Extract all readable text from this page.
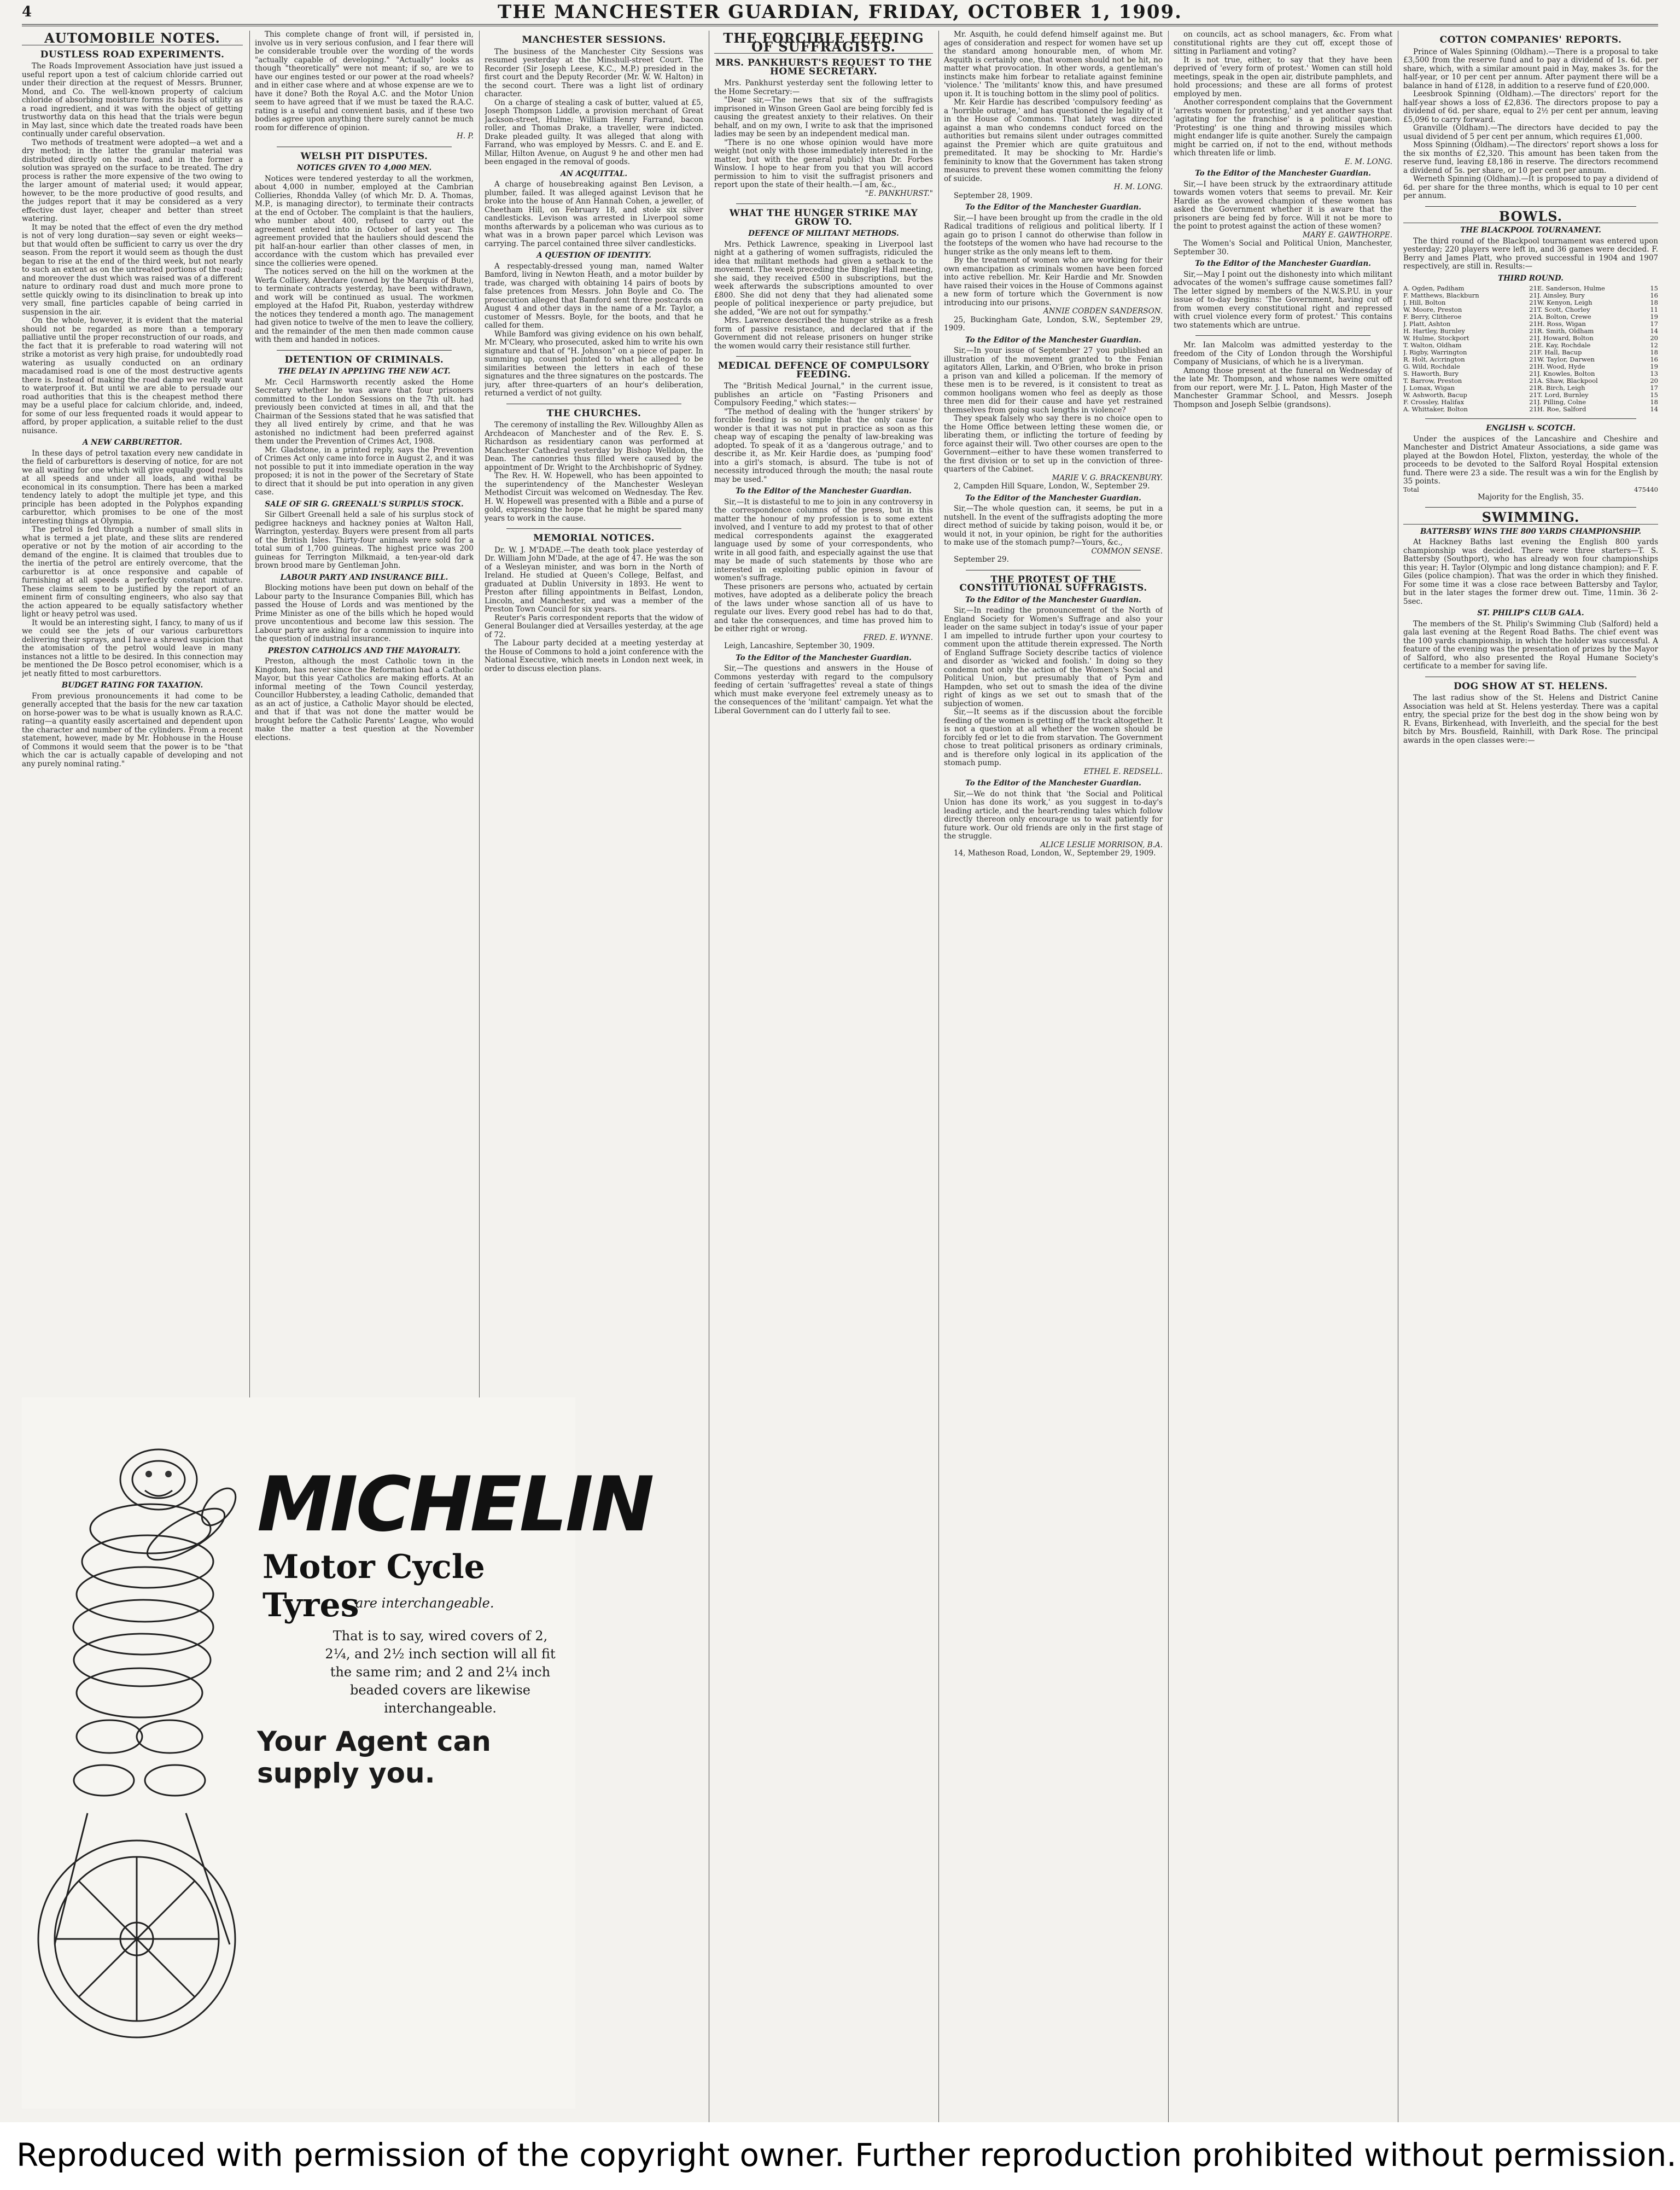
4	THE MANCHESTER GUARDIAN, FRIDAY, OCTOBER 1, 1909.
AUTOMOBILE NOTES.
DUSTLESS ROAD EXPERIMENTS.

The Roads Improvement Association have just issued a useful report upon a test of calcium chloride carried out under their direction at the request of Messrs. Brunner, Mond, and Co. The well-known property of calcium chloride of absorbing moisture forms its basis of utility as a road ingredient, and it was with the object of getting trustworthy data on this head that the trials were begun in May last, since which date the treated roads have been continually under careful observation.

Two methods of treatment were adopted—a wet and a dry method; in the latter the granular material was distributed directly on the road, and in the former a solution was sprayed on the surface to be treated. The dry process is rather the more expensive of the two owing to the larger amount of material used; it would appear, however, to be the more productive of good results, and the judges report that it may be considered as a very effective dust layer, cheaper and better than street watering.

It may be noted that the effect of even the dry method is not of very long duration—say seven or eight weeks—but that would often be sufficient to carry us over the dry season. From the report it would seem as though the dust began to rise at the end of the third week, but not nearly to such an extent as on the untreated portions of the road; and moreover the dust which was raised was of a different nature to ordinary road dust and much more prone to settle quickly owing to its disinclination to break up into very small, fine particles capable of being carried in suspension in the air.

On the whole, however, it is evident that the material should not be regarded as more than a temporary palliative until the proper reconstruction of our roads, and the fact that it is preferable to road watering will not strike a motorist as very high praise, for undoubtedly road watering as usually conducted on an ordinary macadamised road is one of the most destructive agents there is. Instead of making the road damp we really want to waterproof it. But until we are able to persuade our road authorities that this is the cheapest method there may be a useful place for calcium chloride, and, indeed, for some of our less frequented roads it would appear to afford, by proper application, a suitable relief to the dust nuisance.

A NEW CARBURETTOR.

In these days of petrol taxation every new candidate in the field of carburettors is deserving of notice, for are not we all waiting for one which will give equally good results at all speeds and under all loads, and withal be economical in its consumption. There has been a marked tendency lately to adopt the multiple jet type, and this principle has been adopted in the Polyphos expanding carburettor, which promises to be one of the most interesting things at Olympia.

The petrol is fed through a number of small slits in what is termed a jet plate, and these slits are rendered operative or not by the motion of air according to the demand of the engine. It is claimed that troubles due to the inertia of the petrol are entirely overcome, that the carburettor is at once responsive and capable of furnishing at all speeds a perfectly constant mixture. These claims seem to be justified by the report of an eminent firm of consulting engineers, who also say that the action appeared to be equally satisfactory whether light or heavy petrol was used.

It would be an interesting sight, I fancy, to many of us if we could see the jets of our various carburettors delivering their sprays, and I have a shrewd suspicion that the atomisation of the petrol would leave in many instances not a little to be desired. In this connection may be mentioned the De Bosco petrol economiser, which is a jet neatly fitted to most carburettors.

BUDGET RATING FOR TAXATION.

From previous pronouncements it had come to be generally accepted that the basis for the new car taxation on horse-power was to be what is usually known as R.A.C. rating—a quantity easily ascertained and dependent upon the character and number of the cylinders. From a recent statement, however, made by Mr. Hobhouse in the House of Commons it would seem that the power is to be "that which the car is actually capable of developing and not any purely nominal rating."

This complete change of front will, if persisted in, involve us in very serious confusion, and I fear there will be considerable trouble over the wording of the words "actually capable of developing." "Actually" looks as though "theoretically" were not meant; if so, are we to have our engines tested or our power at the road wheels? and in either case where and at whose expense are we to have it done? Both the Royal A.C. and the Motor Union seem to have agreed that if we must be taxed the R.A.C. rating is a useful and convenient basis, and if these two bodies agree upon anything there surely cannot be much room for difference of opinion.

H. P.

WELSH PIT DISPUTES.
NOTICES GIVEN TO 4,000 MEN.

Notices were tendered yesterday to all the workmen, about 4,000 in number, employed at the Cambrian Collieries, Rhondda Valley (of which Mr. D. A. Thomas, M.P., is managing director), to terminate their contracts at the end of October. The complaint is that the hauliers, who number about 400, refused to carry out the agreement entered into in October of last year. This agreement provided that the hauliers should descend the pit half-an-hour earlier than other classes of men, in accordance with the custom which has prevailed ever since the collieries were opened.

The notices served on the hill on the workmen at the Werfa Colliery, Aberdare (owned by the Marquis of Bute), to terminate contracts yesterday, have been withdrawn, and work will be continued as usual. The workmen employed at the Hafod Pit, Ruabon, yesterday withdrew the notices they tendered a month ago. The management had given notice to twelve of the men to leave the colliery, and the remainder of the men then made common cause with them and handed in notices.

DETENTION OF CRIMINALS.
THE DELAY IN APPLYING THE NEW ACT.

Mr. Cecil Harmsworth recently asked the Home Secretary whether he was aware that four prisoners committed to the London Sessions on the 7th ult. had previously been convicted at times in all, and that the Chairman of the Sessions stated that he was satisfied that they all lived entirely by crime, and that he was astonished no indictment had been preferred against them under the Prevention of Crimes Act, 1908.

Mr. Gladstone, in a printed reply, says the Prevention of Crimes Act only came into force in August 2, and it was not possible to put it into immediate operation in the way proposed; it is not in the power of the Secretary of State to direct that it should be put into operation in any given case.

SALE OF SIR G. GREENALL'S SURPLUS STOCK.

Sir Gilbert Greenall held a sale of his surplus stock of pedigree hackneys and hackney ponies at Walton Hall, Warrington, yesterday. Buyers were present from all parts of the British Isles. Thirty-four animals were sold for a total sum of 1,700 guineas. The highest price was 200 guineas for Terrington Milkmaid, a ten-year-old dark brown brood mare by Gentleman John.

LABOUR PARTY AND INSURANCE BILL.

Blocking motions have been put down on behalf of the Labour party to the Insurance Companies Bill, which has passed the House of Lords and was mentioned by the Prime Minister as one of the bills which he hoped would prove uncontentious and become law this session. The Labour party are asking for a commission to inquire into the question of industrial insurance.

PRESTON CATHOLICS AND THE MAYORALTY.

Preston, although the most Catholic town in the Kingdom, has never since the Reformation had a Catholic Mayor, but this year Catholics are making efforts. At an informal meeting of the Town Council yesterday, Councillor Hubberstey, a leading Catholic, demanded that as an act of justice, a Catholic Mayor should be elected, and that if that was not done the matter would be brought before the Catholic Parents' League, who would make the matter a test question at the November elections.

MANCHESTER SESSIONS.

The business of the Manchester City Sessions was resumed yesterday at the Minshull-street Court. The Recorder (Sir Joseph Leese, K.C., M.P.) presided in the first court and the Deputy Recorder (Mr. W. W. Halton) in the second court. There was a light list of ordinary character.

On a charge of stealing a cask of butter, valued at £5, Joseph Thompson Liddle, a provision merchant of Great Jackson-street, Hulme; William Henry Farrand, bacon roller, and Thomas Drake, a traveller, were indicted. Drake pleaded guilty. It was alleged that along with Farrand, who was employed by Messrs. C. and E. and E. Millar, Hilton Avenue, on August 9 he and other men had been engaged in the removal of goods.

AN ACQUITTAL.

A charge of housebreaking against Ben Levison, a plumber, failed. It was alleged against Levison that he broke into the house of Ann Hannah Cohen, a jeweller, of Cheetham Hill, on February 18, and stole six silver candlesticks. Levison was arrested in Liverpool some months afterwards by a policeman who was curious as to what was in a brown paper parcel which Levison was carrying. The parcel contained three silver candlesticks.

A QUESTION OF IDENTITY.

A respectably-dressed young man, named Walter Bamford, living in Newton Heath, and a motor builder by trade, was charged with obtaining 14 pairs of boots by false pretences from Messrs. John Boyle and Co. The prosecution alleged that Bamford sent three postcards on August 4 and other days in the name of a Mr. Taylor, a customer of Messrs. Boyle, for the boots, and that he called for them.

While Bamford was giving evidence on his own behalf, Mr. M'Cleary, who prosecuted, asked him to write his own signature and that of "H. Johnson" on a piece of paper. In summing up, counsel pointed to what he alleged to be similarities between the letters in each of these signatures and the three signatures on the postcards. The jury, after three-quarters of an hour's deliberation, returned a verdict of not guilty.

THE CHURCHES.

The ceremony of installing the Rev. Willoughby Allen as Archdeacon of Manchester and of the Rev. E. S. Richardson as residentiary canon was performed at Manchester Cathedral yesterday by Bishop Welldon, the Dean. The canonries thus filled were caused by the appointment of Dr. Wright to the Archbishopric of Sydney.

The Rev. H. W. Hopewell, who has been appointed to the superintendency of the Manchester Wesleyan Methodist Circuit was welcomed on Wednesday. The Rev. H. W. Hopewell was presented with a Bible and a purse of gold, expressing the hope that he might be spared many years to work in the cause.

MEMORIAL NOTICES.

Dr. W. J. M'DADE.—The death took place yesterday of Dr. William John M'Dade, at the age of 47. He was the son of a Wesleyan minister, and was born in the North of Ireland. He studied at Queen's College, Belfast, and graduated at Dublin University in 1893. He went to Preston after filling appointments in Belfast, London, Lincoln, and Manchester, and was a member of the Preston Town Council for six years.

Reuter's Paris correspondent reports that the widow of General Boulanger died at Versailles yesterday, at the age of 72.

The Labour party decided at a meeting yesterday at the House of Commons to hold a joint conference with the National Executive, which meets in London next week, in order to discuss election plans.

MICHELIN
Motor Cycle Tyres
are interchangeable.
That is to say, wired covers of 2, 2¼, and 2½ inch section will all fit the same rim; and 2 and 2¼ inch beaded covers are likewise interchangeable.
Your Agent can supply you.
THE FORCIBLE FEEDING OF SUFFRAGISTS.
MRS. PANKHURST'S REQUEST TO THE HOME SECRETARY.

Mrs. Pankhurst yesterday sent the following letter to the Home Secretary:—

"Dear sir,—The news that six of the suffragists imprisoned in Winson Green Gaol are being forcibly fed is causing the greatest anxiety to their relatives. On their behalf, and on my own, I write to ask that the imprisoned ladies may be seen by an independent medical man.

"There is no one whose opinion would have more weight (not only with those immediately interested in the matter, but with the general public) than Dr. Forbes Winslow. I hope to hear from you that you will accord permission to him to visit the suffragist prisoners and report upon the state of their health.—I am, &c.,

"E. PANKHURST."

WHAT THE HUNGER STRIKE MAY GROW TO.
DEFENCE OF MILITANT METHODS.

Mrs. Pethick Lawrence, speaking in Liverpool last night at a gathering of women suffragists, ridiculed the idea that militant methods had given a setback to the movement. The week preceding the Bingley Hall meeting, she said, they received £500 in subscriptions, but the week afterwards the subscriptions amounted to over £800. She did not deny that they had alienated some people of political inexperience or party prejudice, but she added, "We are not out for sympathy."

Mrs. Lawrence described the hunger strike as a fresh form of passive resistance, and declared that if the Government did not release prisoners on hunger strike the women would carry their resistance still further.

MEDICAL DEFENCE OF COMPULSORY FEEDING.

The "British Medical Journal," in the current issue, publishes an article on "Fasting Prisoners and Compulsory Feeding," which states:—

"The method of dealing with the 'hunger strikers' by forcible feeding is so simple that the only cause for wonder is that it was not put in practice as soon as this cheap way of escaping the penalty of law-breaking was adopted. To speak of it as a 'dangerous outrage,' and to describe it, as Mr. Keir Hardie does, as 'pumping food' into a girl's stomach, is absurd. The tube is not of necessity introduced through the mouth; the nasal route may be used."

To the Editor of the Manchester Guardian.

Sir,—It is distasteful to me to join in any controversy in the correspondence columns of the press, but in this matter the honour of my profession is to some extent involved, and I venture to add my protest to that of other medical correspondents against the exaggerated language used by some of your correspondents, who write in all good faith, and especially against the use that may be made of such statements by those who are interested in exploiting public opinion in favour of women's suffrage.

These prisoners are persons who, actuated by certain motives, have adopted as a deliberate policy the breach of the laws under whose sanction all of us have to regulate our lives. Every good rebel has had to do that, and take the consequences, and time has proved him to be either right or wrong.

FRED. E. WYNNE.

Leigh, Lancashire, September 30, 1909.

To the Editor of the Manchester Guardian.

Sir,—The questions and answers in the House of Commons yesterday with regard to the compulsory feeding of certain 'suffragettes' reveal a state of things which must make everyone feel extremely uneasy as to the consequences of the 'militant' campaign. Yet what the Liberal Government can do I utterly fail to see.

Mr. Asquith, he could defend himself against me. But ages of consideration and respect for women have set up the standard among honourable men, of whom Mr. Asquith is certainly one, that women should not be hit, no matter what provocation. In other words, a gentleman's instincts make him forbear to retaliate against feminine 'violence.' The 'militants' know this, and have presumed upon it. It is touching bottom in the slimy pool of politics.

Mr. Keir Hardie has described 'compulsory feeding' as a 'horrible outrage,' and has questioned the legality of it in the House of Commons. That lately was directed against a man who condemns conduct forced on the authorities but remains silent under outrages committed against the Premier which are quite gratuitous and premeditated. It may be shocking to Mr. Hardie's femininity to know that the Government has taken strong measures to prevent these women committing the felony of suicide.

H. M. LONG.

September 28, 1909.

To the Editor of the Manchester Guardian.

Sir,—I have been brought up from the cradle in the old Radical traditions of religious and political liberty. If I again go to prison I cannot do otherwise than follow in the footsteps of the women who have had recourse to the hunger strike as the only means left to them.

By the treatment of women who are working for their own emancipation as criminals women have been forced into active rebellion. Mr. Keir Hardie and Mr. Snowden have raised their voices in the House of Commons against a new form of torture which the Government is now introducing into our prisons.

ANNIE COBDEN SANDERSON.

25, Buckingham Gate, London, S.W., September 29, 1909.

To the Editor of the Manchester Guardian.

Sir,—In your issue of September 27 you published an illustration of the movement granted to the Fenian agitators Allen, Larkin, and O'Brien, who broke in prison a prison van and killed a policeman. If the memory of these men is to be revered, is it consistent to treat as common hooligans women who feel as deeply as those three men did for their cause and have yet restrained themselves from going such lengths in violence?

They speak falsely who say there is no choice open to the Home Office between letting these women die, or liberating them, or inflicting the torture of feeding by force against their will. Two other courses are open to the Government—either to have these women transferred to the first division or to set up in the conviction of three-quarters of the Cabinet.

MARIE V. G. BRACKENBURY.

2, Campden Hill Square, London, W., September 29.

To the Editor of the Manchester Guardian.

Sir,—The whole question can, it seems, be put in a nutshell. In the event of the suffragists adopting the more direct method of suicide by taking poison, would it be, or would it not, in your opinion, be right for the authorities to make use of the stomach pump?—Yours, &c.,

COMMON SENSE.

September 29.

THE PROTEST OF THE CONSTITUTIONAL SUFFRAGISTS.
To the Editor of the Manchester Guardian.

Sir,—In reading the pronouncement of the North of England Society for Women's Suffrage and also your leader on the same subject in today's issue of your paper I am impelled to intrude further upon your courtesy to comment upon the attitude therein expressed. The North of England Suffrage Society describe tactics of violence and disorder as 'wicked and foolish.' In doing so they condemn not only the action of the Women's Social and Political Union, but presumably that of Pym and Hampden, who set out to smash the idea of the divine right of kings as we set out to smash that of the subjection of women.

Sir,—It seems as if the discussion about the forcible feeding of the women is getting off the track altogether. It is not a question at all whether the women should be forcibly fed or let to die from starvation. The Government chose to treat political prisoners as ordinary criminals, and is therefore only logical in its application of the stomach pump.

ETHEL E. REDSELL.

To the Editor of the Manchester Guardian.

Sir,—We do not think that 'the Social and Political Union has done its work,' as you suggest in to-day's leading article, and the heart-rending tales which follow directly thereon only encourage us to wait patiently for future work. Our old friends are only in the first stage of the struggle.

ALICE LESLIE MORRISON, B.A.

14, Matheson Road, London, W., September 29, 1909.

on councils, act as school managers, &c. From what constitutional rights are they cut off, except those of sitting in Parliament and voting?

It is not true, either, to say that they have been deprived of 'every form of protest.' Women can still hold meetings, speak in the open air, distribute pamphlets, and hold processions; and these are all forms of protest employed by men.

Another correspondent complains that the Government 'arrests women for protesting,' and yet another says that 'agitating for the franchise' is a political question. 'Protesting' is one thing and throwing missiles which might endanger life is quite another. Surely the campaign might be carried on, if not to the end, without methods which threaten life or limb.

E. M. LONG.

To the Editor of the Manchester Guardian.

Sir,—I have been struck by the extraordinary attitude towards women voters that seems to prevail. Mr. Keir Hardie as the avowed champion of these women has asked the Government whether it is aware that the prisoners are being fed by force. Will it not be more to the point to protest against the action of these women?

MARY E. GAWTHORPE.

The Women's Social and Political Union, Manchester, September 30.

To the Editor of the Manchester Guardian.

Sir,—May I point out the dishonesty into which militant advocates of the women's suffrage cause sometimes fall? The letter signed by members of the N.W.S.P.U. in your issue of to-day begins: 'The Government, having cut off from women every constitutional right and repressed with cruel violence every form of protest.' This contains two statements which are untrue.

Mr. Ian Malcolm was admitted yesterday to the freedom of the City of London through the Worshipful Company of Musicians, of which he is a liveryman.

Among those present at the funeral on Wednesday of the late Mr. Thompson, and whose names were omitted from our report, were Mr. J. L. Paton, High Master of the Manchester Grammar School, and Messrs. Joseph Thompson and Joseph Selbie (grandsons).

COTTON COMPANIES' REPORTS.

Prince of Wales Spinning (Oldham).—There is a proposal to take £3,500 from the reserve fund and to pay a dividend of 1s. 6d. per share, which, with a similar amount paid in May, makes 3s. for the half-year, or 10 per cent per annum. After payment there will be a balance in hand of £128, in addition to a reserve fund of £20,000.

Leesbrook Spinning (Oldham).—The directors' report for the half-year shows a loss of £2,836. The directors propose to pay a dividend of 6d. per share, equal to 2½ per cent per annum, leaving £5,096 to carry forward.

Granville (Oldham).—The directors have decided to pay the usual dividend of 5 per cent per annum, which requires £1,000.

Moss Spinning (Oldham).—The directors' report shows a loss for the six months of £2,320. This amount has been taken from the reserve fund, leaving £8,186 in reserve. The directors recommend a dividend of 5s. per share, or 10 per cent per annum.

Werneth Spinning (Oldham).—It is proposed to pay a dividend of 6d. per share for the three months, which is equal to 10 per cent per annum.

BOWLS.
THE BLACKPOOL TOURNAMENT.

The third round of the Blackpool tournament was entered upon yesterday; 220 players were left in, and 36 games were decided. F. Berry and James Platt, who proved successful in 1904 and 1907 respectively, are still in. Results:—

THIRD ROUND.
A. Ogden, Padiham	21	E. Sanderson, Hulme	15
F. Matthews, Blackburn	21	J. Ainsley, Bury	16
J. Hill, Bolton	21	W. Kenyon, Leigh	18
W. Moore, Preston	21	T. Scott, Chorley	11
F. Berry, Clitheroe	21	A. Bolton, Crewe	19
J. Platt, Ashton	21	H. Ross, Wigan	17
H. Hartley, Burnley	21	R. Smith, Oldham	14
W. Hulme, Stockport	21	J. Howard, Bolton	20
T. Walton, Oldham	21	E. Kay, Rochdale	12
J. Rigby, Warrington	21	F. Hall, Bacup	18
R. Holt, Accrington	21	W. Taylor, Darwen	16
G. Wild, Rochdale	21	H. Wood, Hyde	19
S. Haworth, Bury	21	J. Knowles, Bolton	13
T. Barrow, Preston	21	A. Shaw, Blackpool	20
J. Lomax, Wigan	21	R. Birch, Leigh	17
W. Ashworth, Bacup	21	T. Lord, Burnley	15
F. Crossley, Halifax	21	J. Pilling, Colne	18
A. Whittaker, Bolton	21	H. Roe, Salford	14
ENGLISH v. SCOTCH.

Under the auspices of the Lancashire and Cheshire and Manchester and District Amateur Associations, a side game was played at the Bowdon Hotel, Flixton, yesterday, the whole of the proceeds to be devoted to the Salford Royal Hospital extension fund. There were 23 a side. The result was a win for the English by 35 points.

Total	475	440

Majority for the English, 35.

SWIMMING.
BATTERSBY WINS THE 800 YARDS CHAMPIONSHIP.

At Hackney Baths last evening the English 800 yards championship was decided. There were three starters—T. S. Battersby (Southport), who has already won four championships this year; H. Taylor (Olympic and long distance champion); and F. F. Giles (police champion). That was the order in which they finished. For some time it was a close race between Battersby and Taylor, but in the later stages the former drew out. Time, 11min. 36 2-5sec.

ST. PHILIP'S CLUB GALA.

The members of the St. Philip's Swimming Club (Salford) held a gala last evening at the Regent Road Baths. The chief event was the 100 yards championship, in which the holder was successful. A feature of the evening was the presentation of prizes by the Mayor of Salford, who also presented the Royal Humane Society's certificate to a member for saving life.

DOG SHOW AT ST. HELENS.

The last radius show of the St. Helens and District Canine Association was held at St. Helens yesterday. There was a capital entry, the special prize for the best dog in the show being won by R. Evans, Birkenhead, with Inverleith, and the special for the best bitch by Mrs. Bousfield, Rainhill, with Dark Rose. The principal awards in the open classes were:—

Reproduced with permission of the copyright owner. Further reproduction prohibited without permission.
